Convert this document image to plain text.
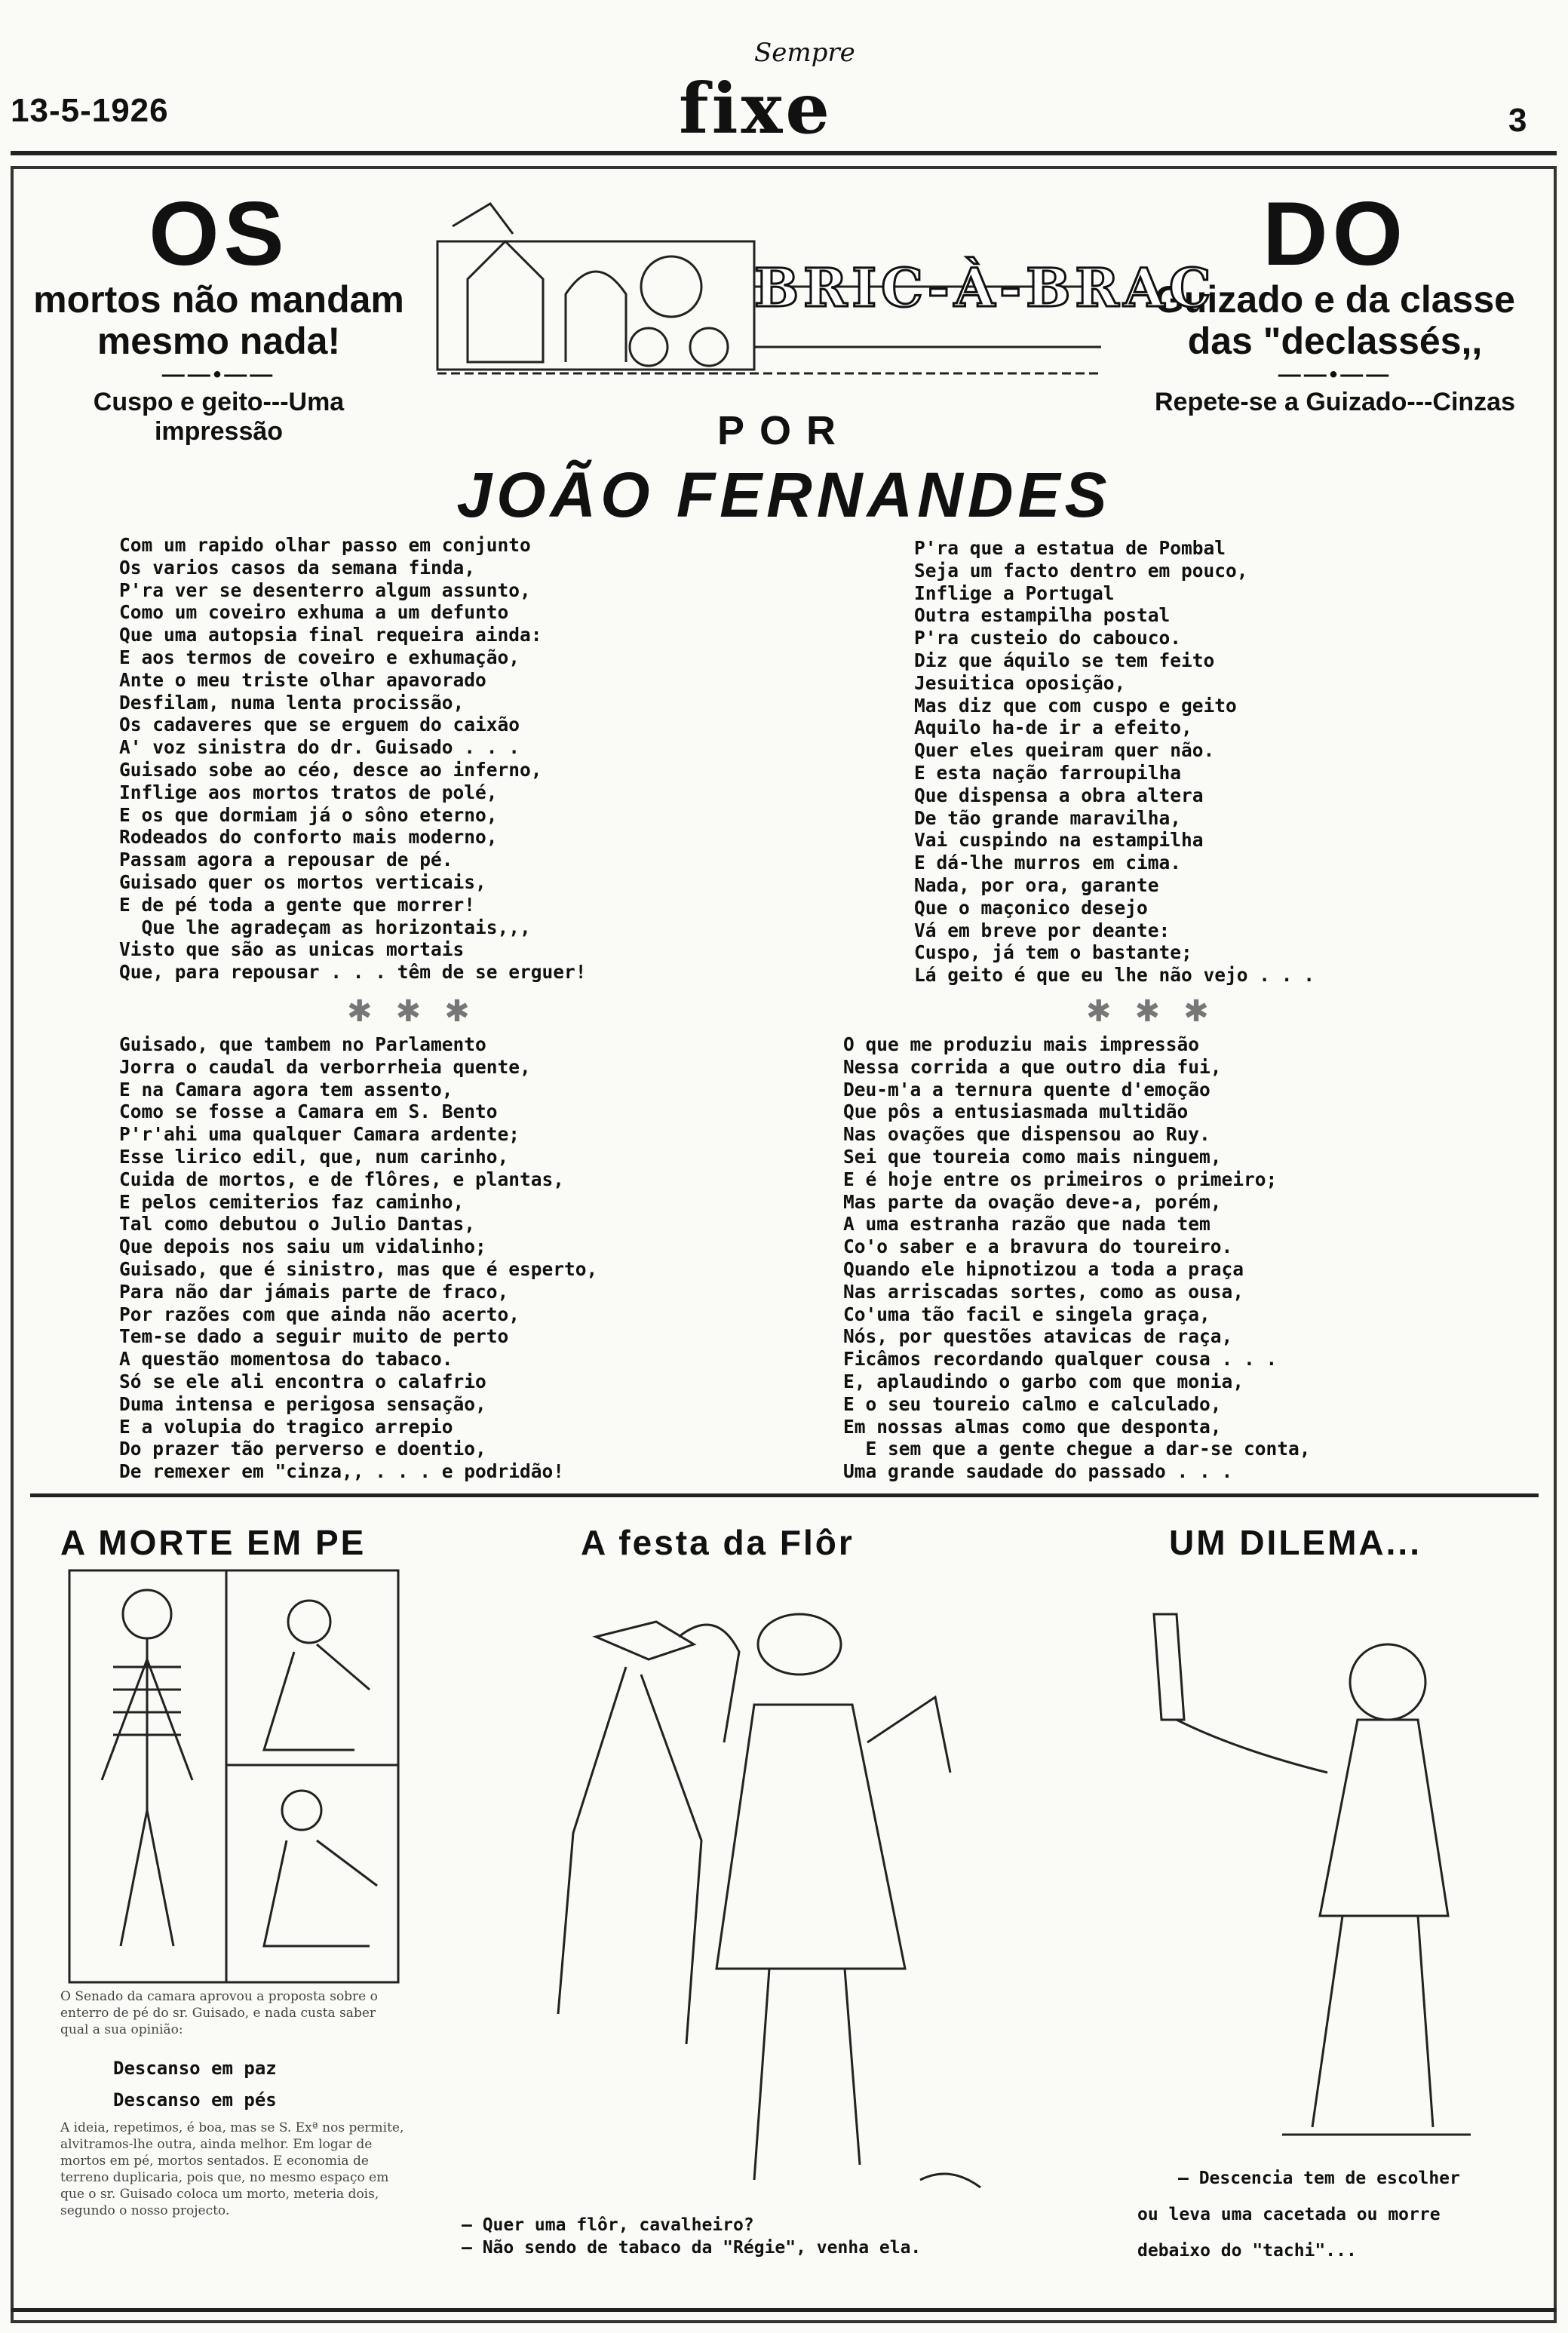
13-5-1926
Sempre
fixe	3
OS
mortos não mandam
mesmo nada!
——•——
Cuspo e geito---Uma impressão
DO
Guizado e da classe
das "declassés,,
——•——
Repete-se a Guizado---Cinzas
BRIC-À-BRAC
POR
JOÃO FERNANDES
Com um rapido olhar passo em conjunto
Os varios casos da semana finda,
P'ra ver se desenterro algum assunto,
Como um coveiro exhuma a um defunto
Que uma autopsia final requeira ainda:
E aos termos de coveiro e exhumação,
Ante o meu triste olhar apavorado
Desfilam, numa lenta procissão,
Os cadaveres que se erguem do caixão
A' voz sinistra do dr. Guisado . . .
Guisado sobe ao céo, desce ao inferno,
Inflige aos mortos tratos de polé,
E os que dormiam já o sôno eterno,
Rodeados do conforto mais moderno,
Passam agora a repousar de pé.
Guisado quer os mortos verticais,
E de pé toda a gente que morrer!
Que lhe agradeçam as horizontais,,,
Visto que são as unicas mortais
Que, para repousar . . . têm de se erguer!
P'ra que a estatua de Pombal
Seja um facto dentro em pouco,
Inflige a Portugal
Outra estampilha postal
P'ra custeio do cabouco.
Diz que áquilo se tem feito
Jesuitica oposição,
Mas diz que com cuspo e geito
Aquilo ha-de ir a efeito,
Quer eles queiram quer não.
E esta nação farroupilha
Que dispensa a obra altera
De tão grande maravilha,
Vai cuspindo na estampilha
E dá-lhe murros em cima.
Nada, por ora, garante
Que o maçonico desejo
Vá em breve por deante:
Cuspo, já tem o bastante;
Lá geito é que eu lhe não vejo . . .
✱ ✱ ✱	✱ ✱ ✱
Guisado, que tambem no Parlamento
Jorra o caudal da verborrheia quente,
E na Camara agora tem assento,
Como se fosse a Camara em S. Bento
P'r'ahi uma qualquer Camara ardente;
Esse lirico edil, que, num carinho,
Cuida de mortos, e de flôres, e plantas,
E pelos cemiterios faz caminho,
Tal como debutou o Julio Dantas,
Que depois nos saiu um vidalinho;
Guisado, que é sinistro, mas que é esperto,
Para não dar jámais parte de fraco,
Por razões com que ainda não acerto,
Tem-se dado a seguir muito de perto
A questão momentosa do tabaco.
Só se ele ali encontra o calafrio
Duma intensa e perigosa sensação,
E a volupia do tragico arrepio
Do prazer tão perverso e doentio,
De remexer em "cinza,, . . . e podridão!
O que me produziu mais impressão
Nessa corrida a que outro dia fui,
Deu-m'a a ternura quente d'emoção
Que pôs a entusiasmada multidão
Nas ovações que dispensou ao Ruy.
Sei que toureia como mais ninguem,
E é hoje entre os primeiros o primeiro;
Mas parte da ovação deve-a, porém,
A uma estranha razão que nada tem
Co'o saber e a bravura do toureiro.
Quando ele hipnotizou a toda a praça
Nas arriscadas sortes, como as ousa,
Co'uma tão facil e singela graça,
Nós, por questões atavicas de raça,
Ficâmos recordando qualquer cousa . . .
E, aplaudindo o garbo com que monia,
E o seu toureio calmo e calculado,
Em nossas almas como que desponta,
E sem que a gente chegue a dar-se conta,
Uma grande saudade do passado . . .
A MORTE EM PE
O Senado da camara aprovou a proposta sobre o enterro de pé do sr. Guisado, e nada custa saber qual a sua opinião:
Descanso em paz
Descanso em pés
A ideia, repetimos, é boa, mas se S. Exª nos permite, alvitramos-lhe outra, ainda melhor. Em logar de mortos em pé, mortos sentados. E economia de terreno duplicaria, pois que, no mesmo espaço em que o sr. Guisado coloca um morto, meteria dois, segundo o nosso projecto.
A festa da Flôr
— Quer uma flôr, cavalheiro?
— Não sendo de tabaco da "Régie", venha ela.
UM DILEMA...
— Descencia tem de escolher
ou leva uma cacetada ou morre
debaixo do "tachi"...
